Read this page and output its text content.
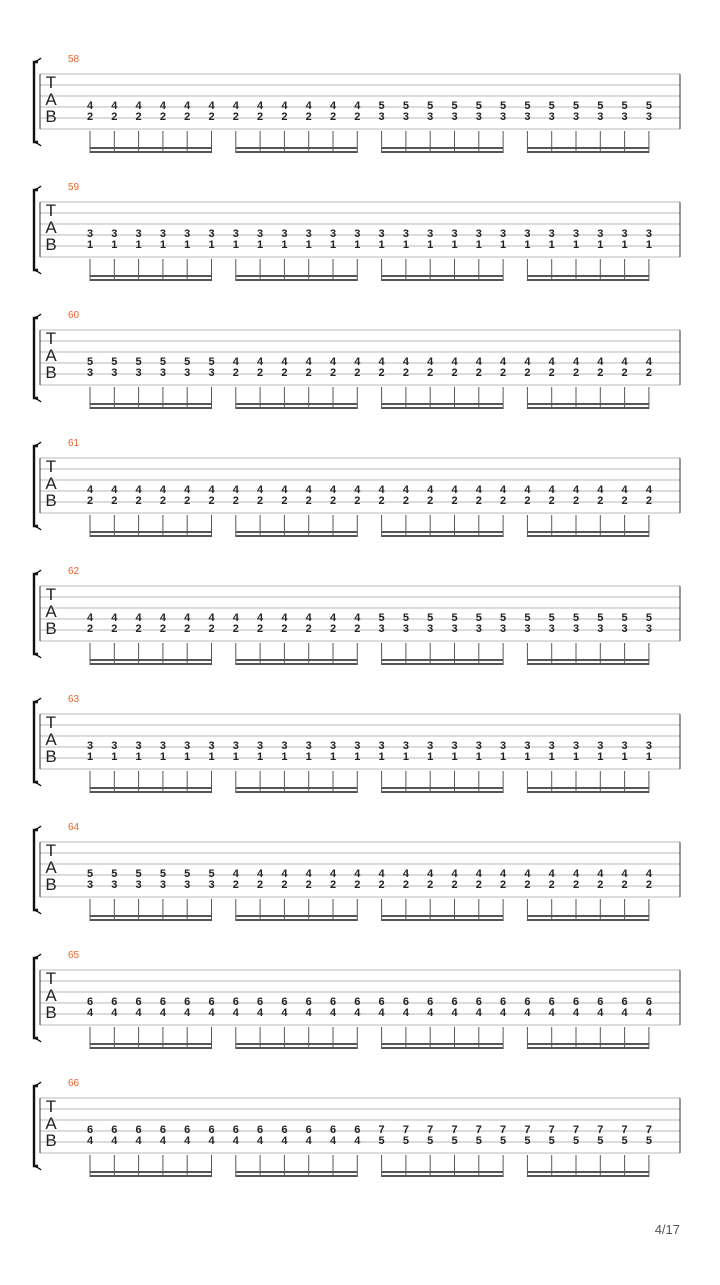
58
T
A
B
4 4 4 4 4 4 4 4 4 4 4 4 5 5 5 5 5 5 5 5 5 5 5 5
2 2 2 2 2 2 2 2 2 2 2 2 3 3 3 3 3 3 3 3 3 3 3 3
59
T
A
B
3 3 3 3 3 3 3 3 3 3 3 3 3 3 3 3 3 3 3 3 3 3 3 3
1 1 1 1 1 1 1 1 1 1 1 1 1 1 1 1 1 1 1 1 1 1 1 1
60
T
A
B
5 5 5 5 5 5 4 4 4 4 4 4 4 4 4 4 4 4 4 4 4 4 4 4
3 3 3 3 3 3 2 2 2 2 2 2 2 2 2 2 2 2 2 2 2 2 2 2
61
T
A
B
4 4 4 4 4 4 4 4 4 4 4 4 4 4 4 4 4 4 4 4 4 4 4 4
2 2 2 2 2 2 2 2 2 2 2 2 2 2 2 2 2 2 2 2 2 2 2 2
62
T
A
B
4 4 4 4 4 4 4 4 4 4 4 4 5 5 5 5 5 5 5 5 5 5 5 5
2 2 2 2 2 2 2 2 2 2 2 2 3 3 3 3 3 3 3 3 3 3 3 3
63
T
A
B
3 3 3 3 3 3 3 3 3 3 3 3 3 3 3 3 3 3 3 3 3 3 3 3
1 1 1 1 1 1 1 1 1 1 1 1 1 1 1 1 1 1 1 1 1 1 1 1
64
T
A
B
5 5 5 5 5 5 4 4 4 4 4 4 4 4 4 4 4 4 4 4 4 4 4 4
3 3 3 3 3 3 2 2 2 2 2 2 2 2 2 2 2 2 2 2 2 2 2 2
65
T
A
B
6 6 6 6 6 6 6 6 6 6 6 6 6 6 6 6 6 6 6 6 6 6 6 6
4 4 4 4 4 4 4 4 4 4 4 4 4 4 4 4 4 4 4 4 4 4 4 4
66
T
A
B
6 6 6 6 6 6 6 6 6 6 6 6 7 7 7 7 7 7 7 7 7 7 7 7
4 4 4 4 4 4 4 4 4 4 4 4 5 5 5 5 5 5 5 5 5 5 5 5
4/17
